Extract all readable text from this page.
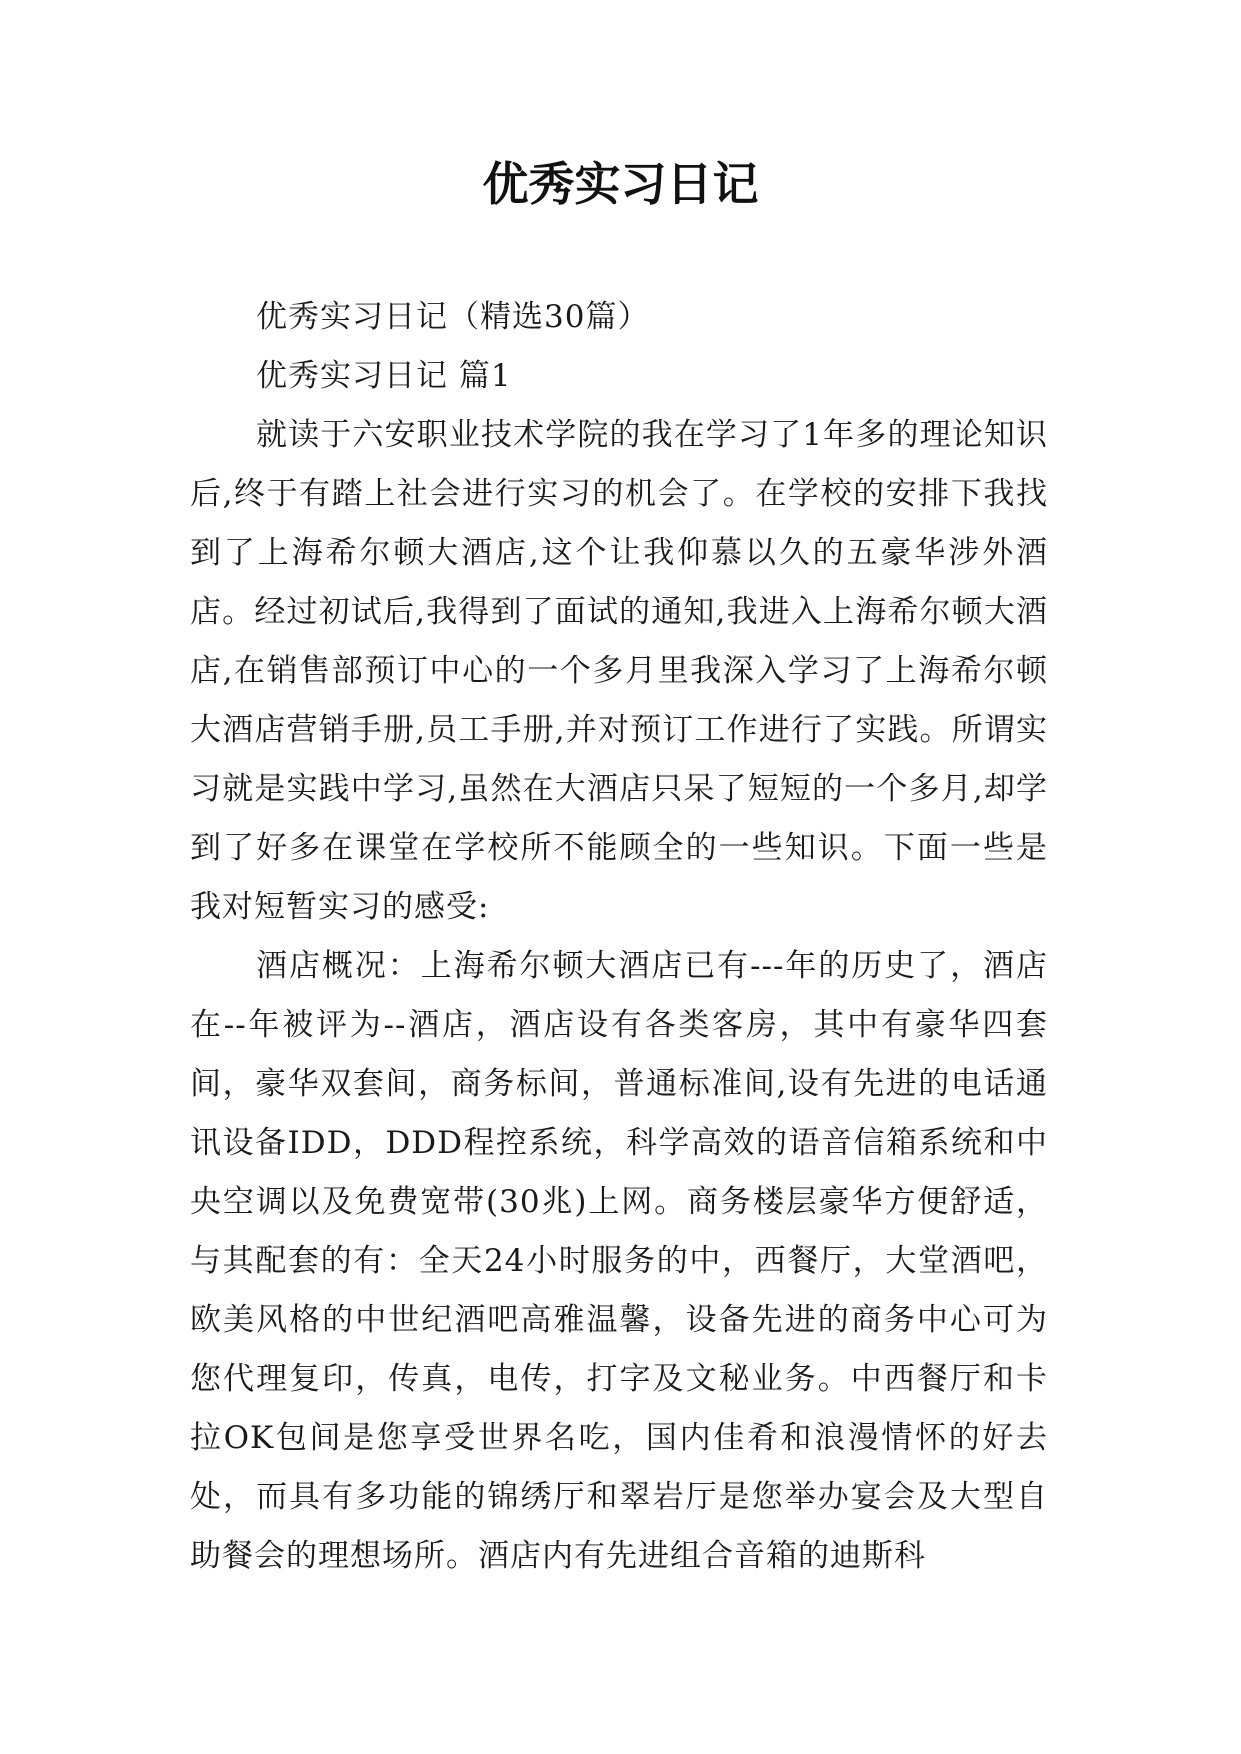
优秀实习日记

优秀实习日记（精选30篇）

优秀实习日记 篇1

就读于六安职业技术学院的我在学习了1年多的理论知识后,终于有踏上社会进行实习的机会了。在学校的安排下我找到了上海希尔顿大酒店,这个让我仰慕以久的五豪华涉外酒店。经过初试后,我得到了面试的通知,我进入上海希尔顿大酒店,在销售部预订中心的一个多月里我深入学习了上海希尔顿大酒店营销手册,员工手册,并对预订工作进行了实践。所谓实习就是实践中学习,虽然在大酒店只呆了短短的一个多月,却学到了好多在课堂在学校所不能顾全的一些知识。下面一些是我对短暂实习的感受:

酒店概况：上海希尔顿大酒店已有---年的历史了，酒店在--年被评为--酒店，酒店设有各类客房，其中有豪华四套间，豪华双套间，商务标间，普通标准间,设有先进的电话通讯设备IDD，DDD程控系统，科学高效的语音信箱系统和中央空调以及免费宽带(30兆)上网。商务楼层豪华方便舒适，与其配套的有：全天24小时服务的中，西餐厅，大堂酒吧，欧美风格的中世纪酒吧高雅温馨，设备先进的商务中心可为您代理复印，传真，电传，打字及文秘业务。中西餐厅和卡拉OK包间是您享受世界名吃，国内佳肴和浪漫情怀的好去处，而具有多功能的锦绣厅和翠岩厅是您举办宴会及大型自助餐会的理想场所。酒店内有先进组合音箱的迪斯科
